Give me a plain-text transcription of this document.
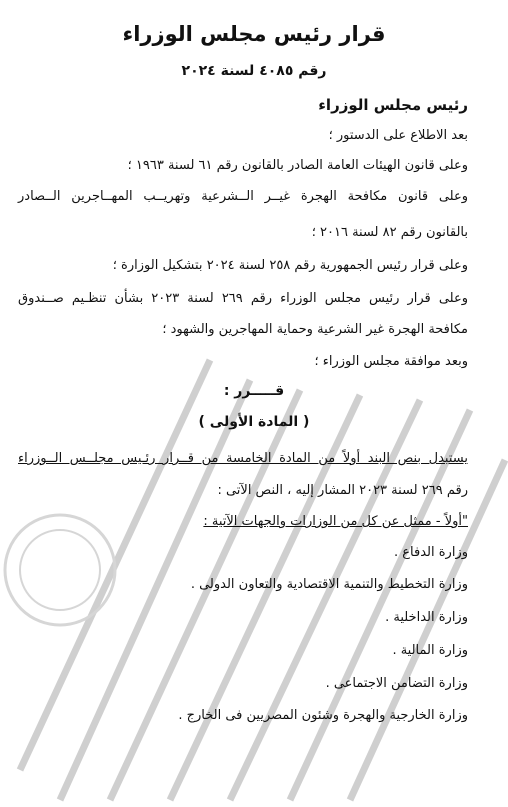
قرار رئيس مجلس الوزراء
رقم ٤٠٨٥ لسنة ٢٠٢٤
رئيس مجلس الوزراء
بعد الاطلاع على الدستور ؛
وعلى قانون الهيئات العامة الصادر بالقانون رقم ٦١ لسنة ١٩٦٣ ؛
وعلى قانون مكافحة الهجرة غيــر الــشرعية وتهريــب المهــاجرين الــصادر
بالقانون رقم ٨٢ لسنة ٢٠١٦ ؛
وعلى قرار رئيس الجمهورية رقم ٢٥٨ لسنة ٢٠٢٤ بتشكيل الوزارة ؛
وعلى قرار رئيس مجلس الوزراء رقم ٢٦٩ لسنة ٢٠٢٣ بشأن تنظـيم صــندوق
مكافحة الهجرة غير الشرعية وحماية المهاجرين والشهود ؛
وبعد موافقة مجلس الوزراء ؛
قـــــرر :
( المادة الأولى )
يستبدل بنص البند أولاً من المادة الخامسة من قــرار رئـيس مجلــس الــوزراء
رقم ٢٦٩ لسنة ٢٠٢٣ المشار إليه ، النص الآتى :
"أولاً - ممثل عن كل من الوزارات والجهات الآتية :
وزارة الدفاع .
وزارة التخطيط والتنمية الاقتصادية والتعاون الدولى .
وزارة الداخلية .
وزارة المالية .
وزارة التضامن الاجتماعى .
وزارة الخارجية والهجرة وشئون المصريين فى الخارج .
